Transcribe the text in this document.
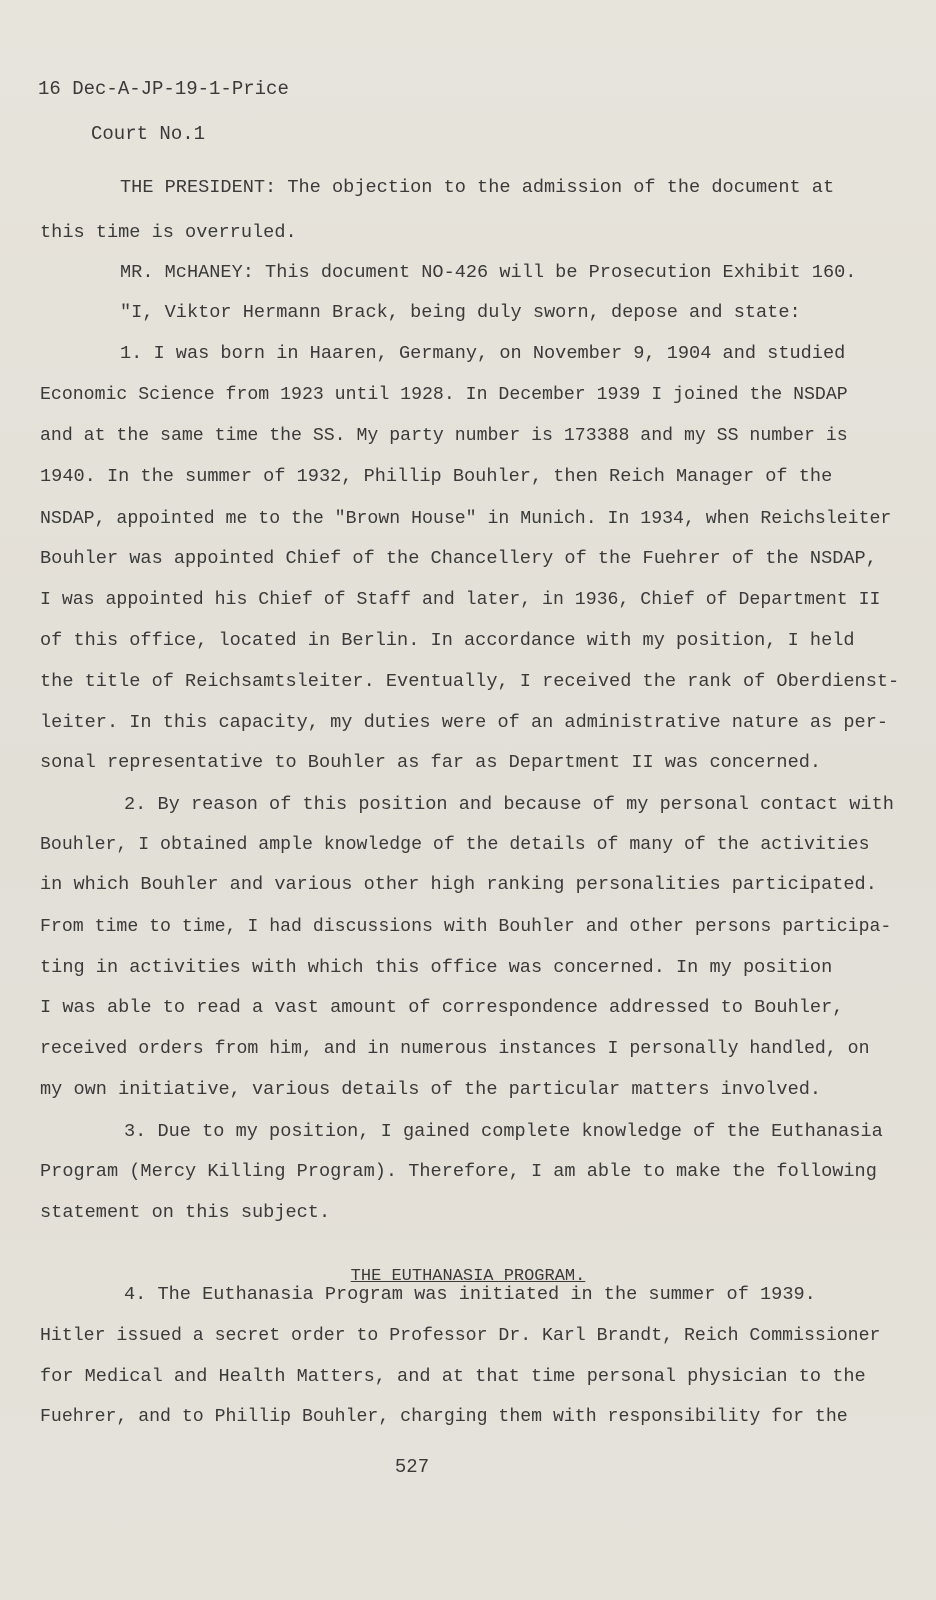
16 Dec-A-JP-19-1-Price
Court No.1
THE PRESIDENT: The objection to the admission of the document at
this time is overruled.
MR. McHANEY: This document NO-426 will be Prosecution Exhibit 160.
"I, Viktor Hermann Brack, being duly sworn, depose and state:
1. I was born in Haaren, Germany, on November 9, 1904 and studied
Economic Science from 1923 until 1928. In December 1939 I joined the NSDAP
and at the same time the SS. My party number is 173388 and my SS number is
1940. In the summer of 1932, Phillip Bouhler, then Reich Manager of the
NSDAP, appointed me to the "Brown House" in Munich. In 1934, when Reichsleiter
Bouhler was appointed Chief of the Chancellery of the Fuehrer of the NSDAP,
I was appointed his Chief of Staff and later, in 1936, Chief of Department II
of this office, located in Berlin. In accordance with my position, I held
the title of Reichsamtsleiter. Eventually, I received the rank of Oberdienst-
leiter. In this capacity, my duties were of an administrative nature as per-
sonal representative to Bouhler as far as Department II was concerned.
2. By reason of this position and because of my personal contact with
Bouhler, I obtained ample knowledge of the details of many of the activities
in which Bouhler and various other high ranking personalities participated.
From time to time, I had discussions with Bouhler and other persons participa-
ting in activities with which this office was concerned. In my position
I was able to read a vast amount of correspondence addressed to Bouhler,
received orders from him, and in numerous instances I personally handled, on
my own initiative, various details of the particular matters involved.
3. Due to my position, I gained complete knowledge of the Euthanasia
Program (Mercy Killing Program). Therefore, I am able to make the following
statement on this subject.
THE EUTHANASIA PROGRAM.
4. The Euthanasia Program was initiated in the summer of 1939.
Hitler issued a secret order to Professor Dr. Karl Brandt, Reich Commissioner
for Medical and Health Matters, and at that time personal physician to the
Fuehrer, and to Phillip Bouhler, charging them with responsibility for the
527
